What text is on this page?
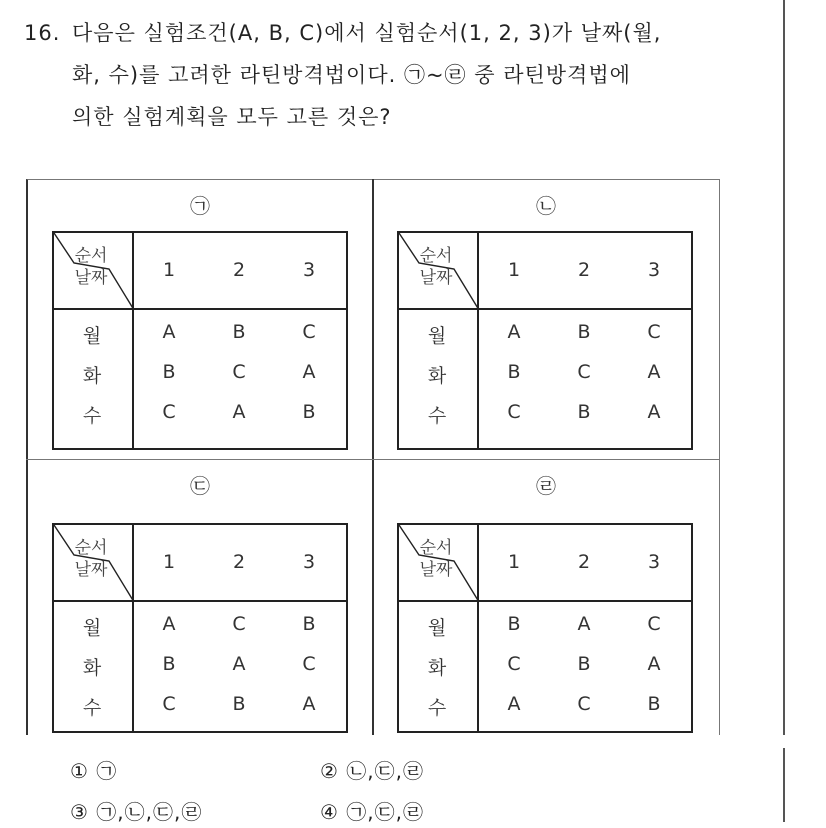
16. 다음은 실험조건(A, B, C)에서 실험순서(1, 2, 3)가 날짜(월,
화, 수)를 고려한 라틴방격법이다. ㉠~㉣ 중 라틴방격법에
의한 실험계획을 모두 고른 것은?
㉠
순서
날짜	1	2	3
월	A	B	C
화	B	C	A
수	C	A	B
㉡
순서
날짜	1	2	3
월	A	B	C
화	B	C	A
수	C	B	A
㉢
순서
날짜	1	2	3
월	A	C	B
화	B	A	C
수	C	B	A
㉣
순서
날짜	1	2	3
월	B	A	C
화	C	B	A
수	A	C	B
① ㉠	② ㉡,㉢,㉣
③ ㉠,㉡,㉢,㉣	④ ㉠,㉢,㉣
